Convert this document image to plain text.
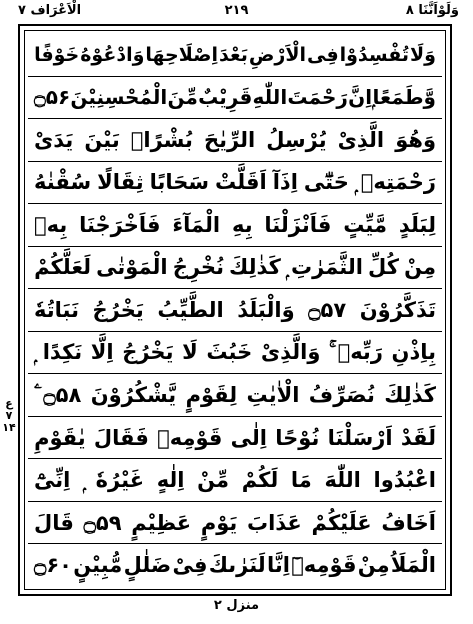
وَلَوْاَنَّنَا ۸
۲۱۹
الْاَعْرَاف ۷
وَلَا
تُفْسِدُوْا
فِى
الْاَرْضِ
بَعْدَ
اِصْلَاحِهَا
وَادْعُوْهُ
خَوْفًا
وَّطَمَعًا
اِنَّ
رَحْمَتَ
اللّٰهِ
قَرِيْبٌ
مِّنَ
الْمُحْسِنِيْنَ
۝۵۶
وَهُوَ
الَّذِىْ
يُرْسِلُ
الرِّيٰحَ
بُشْرًاۢ
بَيْنَ
يَدَىْ
رَحْمَتِهٖ
حَتّٰٓى
اِذَآ
اَقَلَّتْ
سَحَابًا
ثِقَالًا
سُقْنٰهُ
لِبَلَدٍ
مَّيِّتٍ
فَاَنْزَلْنَا
بِهِ
الْمَآءَ
فَاَخْرَجْنَا
بِهٖ
مِنْ
كُلِّ
الثَّمَرٰتِ
كَذٰلِكَ
نُخْرِجُ
الْمَوْتٰى
لَعَلَّكُمْ
تَذَكَّرُوْنَ
۝۵۷
وَالْبَلَدُ
الطَّيِّبُ
يَخْرُجُ
نَبَاتُهٗ
بِاِذْنِ
رَبِّهٖ
وَالَّذِىْ
خَبُثَ
لَا
يَخْرُجُ
اِلَّا
نَكِدًا
كَذٰلِكَ
نُصَرِّفُ
الْاٰيٰتِ
لِقَوْمٍ
يَّشْكُرُوْنَ
۝۵۸
لَقَدْ
اَرْسَلْنَا
نُوْحًا
اِلٰى
قَوْمِهٖ
فَقَالَ
يٰقَوْمِ
اعْبُدُوا
اللّٰهَ
مَا
لَكُمْ
مِّنْ
اِلٰهٍ
غَيْرُهٗ
اِنِّىْٓ
اَخَافُ
عَلَيْكُمْ
عَذَابَ
يَوْمٍ
عَظِيْمٍ
۝۵۹
قَالَ
الْمَلَاُ
مِنْ
قَوْمِهٖٓ
اِنَّا
لَنَرٰىكَ
فِىْ
ضَلٰلٍ
مُّبِيْنٍ
۝۶۰
ع ۷ ۱۴
منزل ۲
